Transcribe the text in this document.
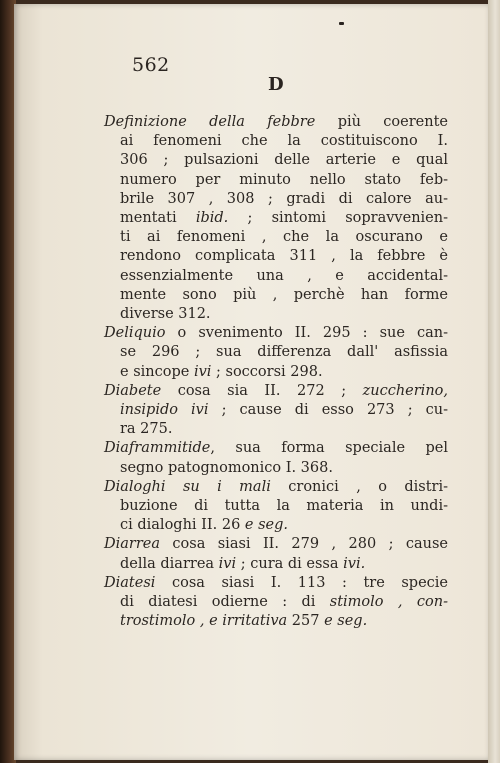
562
D
Definizione della febbre più coerente
ai fenomeni che la costituiscono I.
306 ; pulsazioni delle arterie e qual
numero per minuto nello stato feb-
brile 307 , 308 ; gradi di calore au-
mentati ibid. ; sintomi sopravvenien-
ti ai fenomeni , che la oscurano e
rendono complicata 311 , la febbre è
essenzialmente una , e accidental-
mente sono più , perchè han forme
diverse 312.
Deliquio o svenimento II. 295 : sue can-
se 296 ; sua differenza dall' asfissia
e sincope ivi ; soccorsi 298.
Diabete cosa sia II. 272 ; zuccherino,
insipido ivi ; cause di esso 273 ; cu-
ra 275.
Diaframmitide, sua forma speciale pel
segno patognomonico I. 368.
Dialoghi su i mali cronici , o distri-
buzione di tutta la materia in undi-
ci dialoghi II. 26 e seg.
Diarrea cosa siasi II. 279 , 280 ; cause
della diarrea ivi ; cura di essa ivi.
Diatesi cosa siasi I. 113 : tre specie
di diatesi odierne : di stimolo , con-
trostimolo , e irritativa 257 e seg.
